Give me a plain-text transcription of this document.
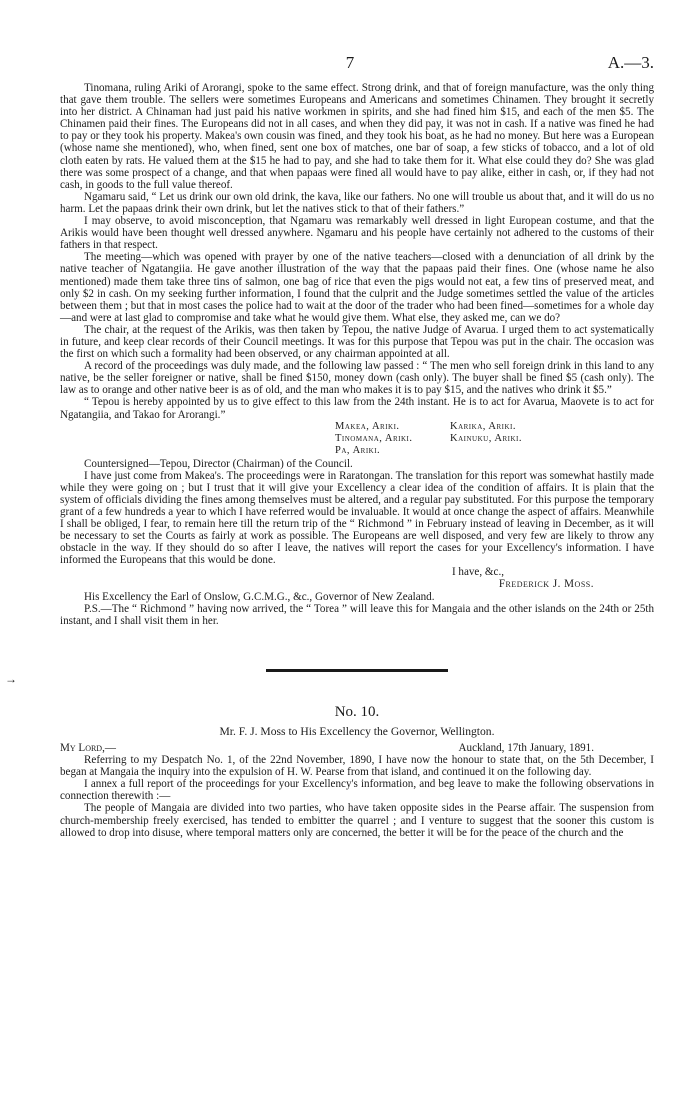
7	A.—3.
→

Tinomana, ruling Ariki of Arorangi, spoke to the same effect. Strong drink, and that of foreign manufacture, was the only thing that gave them trouble. The sellers were sometimes Europeans and Americans and sometimes Chinamen. They brought it secretly into her district. A Chinaman had just paid his native workmen in spirits, and she had fined him $15, and each of the men $5. The Chinamen paid their fines. The Europeans did not in all cases, and when they did pay, it was not in cash. If a native was fined he had to pay or they took his property. Makea's own cousin was fined, and they took his boat, as he had no money. But here was a European (whose name she mentioned), who, when fined, sent one box of matches, one bar of soap, a few sticks of tobacco, and a lot of old cloth eaten by rats. He valued them at the $15 he had to pay, and she had to take them for it. What else could they do? She was glad there was some prospect of a change, and that when papaas were fined all would have to pay alike, either in cash, or, if they had not cash, in goods to the full value thereof.

Ngamaru said, “ Let us drink our own old drink, the kava, like our fathers. No one will trouble us about that, and it will do us no harm. Let the papaas drink their own drink, but let the natives stick to that of their fathers.”

I may observe, to avoid misconception, that Ngamaru was remarkably well dressed in light European costume, and that the Arikis would have been thought well dressed anywhere. Ngamaru and his people have certainly not adhered to the customs of their fathers in that respect.

The meeting—which was opened with prayer by one of the native teachers—closed with a denunciation of all drink by the native teacher of Ngatangiia. He gave another illustration of the way that the papaas paid their fines. One (whose name he also mentioned) made them take three tins of salmon, one bag of rice that even the pigs would not eat, a few tins of preserved meat, and only $2 in cash. On my seeking further information, I found that the culprit and the Judge sometimes settled the value of the articles between them ; but that in most cases the police had to wait at the door of the trader who had been fined—sometimes for a whole day—and were at last glad to compromise and take what he would give them. What else, they asked me, can we do?

The chair, at the request of the Arikis, was then taken by Tepou, the native Judge of Avarua. I urged them to act systematically in future, and keep clear records of their Council meetings. It was for this purpose that Tepou was put in the chair. The occasion was the first on which such a formality had been observed, or any chairman appointed at all.

A record of the proceedings was duly made, and the following law passed : “ The men who sell foreign drink in this land to any native, be the seller foreigner or native, shall be fined $150, money down (cash only). The buyer shall be fined $5 (cash only). The law as to orange and other native beer is as of old, and the man who makes it is to pay $15, and the natives who drink it $5.”

“ Tepou is hereby appointed by us to give effect to this law from the 24th instant. He is to act for Avarua, Maovete is to act for Ngatangiia, and Takao for Arorangi.”

Makea, Ariki.	Karika, Ariki.
Tinomana, Ariki.	Kainuku, Ariki.
Pa, Ariki.

Countersigned—Tepou, Director (Chairman) of the Council.

I have just come from Makea's. The proceedings were in Raratongan. The translation for this report was somewhat hastily made while they were going on ; but I trust that it will give your Excellency a clear idea of the condition of affairs. It is plain that the system of officials dividing the fines among themselves must be altered, and a regular pay substituted. For this purpose the temporary grant of a few hundreds a year to which I have referred would be invaluable. It would at once change the aspect of affairs. Meanwhile I shall be obliged, I fear, to remain here till the return trip of the “ Richmond ” in February instead of leaving in December, as it will be necessary to set the Courts as fairly at work as possible. The Europeans are well disposed, and very few are likely to throw any obstacle in the way. If they should do so after I leave, the natives will report the cases for your Excellency's information. I have informed the Europeans that this would be done.

I have, &c.,
Frederick J. Moss.

His Excellency the Earl of Onslow, G.C.M.G., &c., Governor of New Zealand.

P.S.—The “ Richmond ” having now arrived, the “ Torea ” will leave this for Mangaia and the other islands on the 24th or 25th instant, and I shall visit them in her.

No. 10.
Mr. F. J. Moss to His Excellency the Governor, Wellington.
My Lord,—	Auckland, 17th January, 1891.

Referring to my Despatch No. 1, of the 22nd November, 1890, I have now the honour to state that, on the 5th December, I began at Mangaia the inquiry into the expulsion of H. W. Pearse from that island, and continued it on the following day.

I annex a full report of the proceedings for your Excellency's information, and beg leave to make the following observations in connection therewith :—

The people of Mangaia are divided into two parties, who have taken opposite sides in the Pearse affair. The suspension from church-membership freely exercised, has tended to embitter the quarrel ; and I venture to suggest that the sooner this custom is allowed to drop into disuse, where temporal matters only are concerned, the better it will be for the peace of the church and the
